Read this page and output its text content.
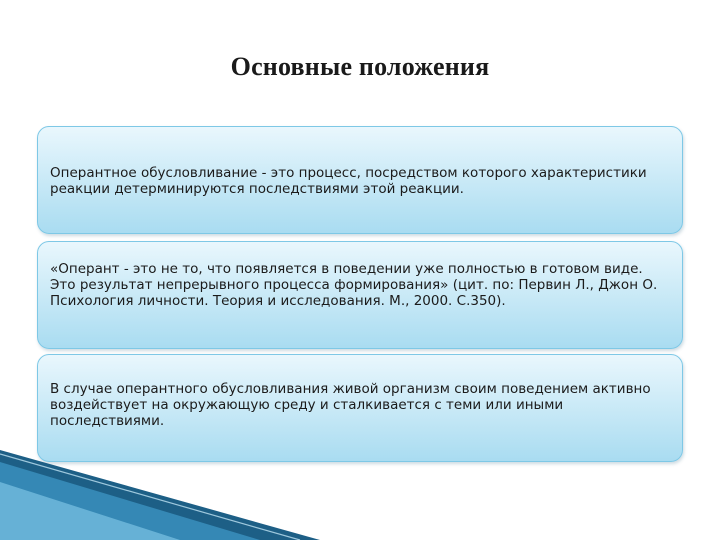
Основные положения
Оперантное обусловливание - это процесс, посредством которого характеристики реакции детерминируются последствиями этой реакции.
«Оперант - это не то, что появляется в поведении уже полностью в готовом виде. Это результат непрерывного процесса формирования» (цит. по: Первин Л., Джон О. Психология личности. Теория и исследования. М., 2000. С.350).
В случае оперантного обусловливания живой организм своим поведением активно воздействует на окружающую среду и сталкивается с теми или иными последствиями.
